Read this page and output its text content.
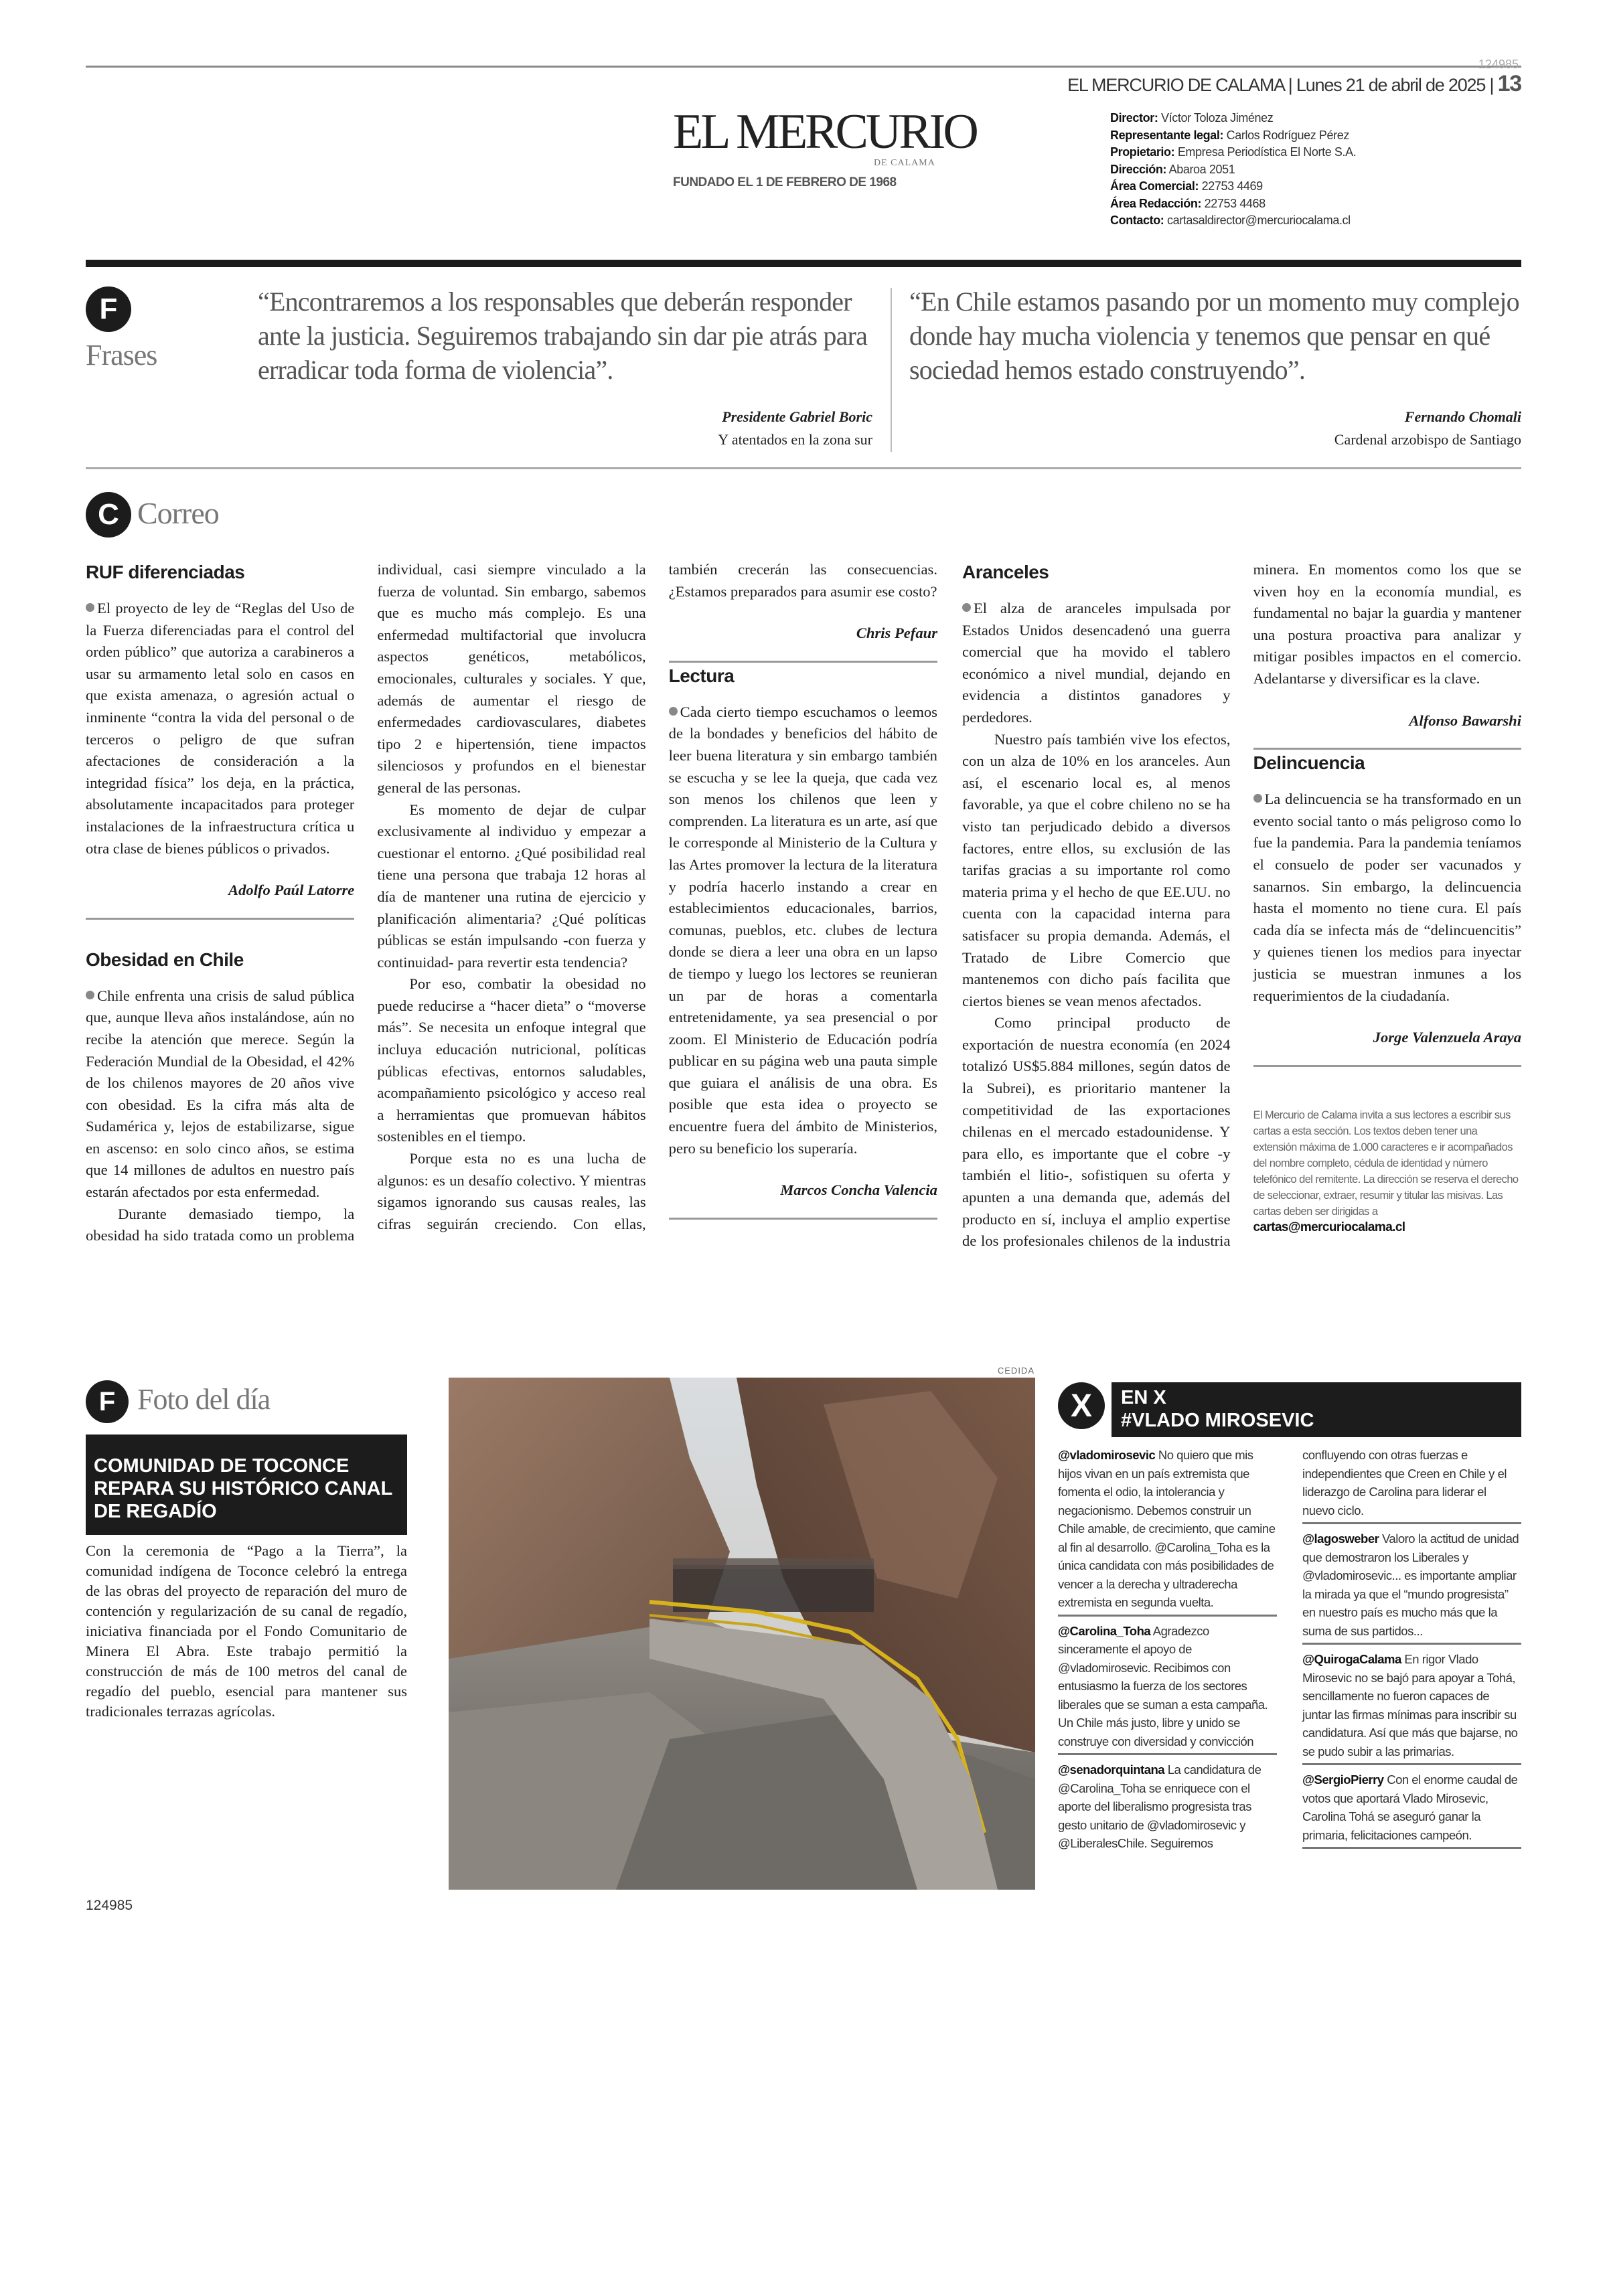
124985
EL MERCURIO DE CALAMA | Lunes 21 de abril de 2025 | 13
EL MERCURIO
DE CALAMA
FUNDADO EL 1 DE FEBRERO DE 1968
Director: Víctor Toloza Jiménez
Representante legal: Carlos Rodríguez Pérez
Propietario: Empresa Periodística El Norte S.A.
Dirección: Abaroa 2051
Área Comercial: 22753 4469
Área Redacción: 22753 4468
Contacto: cartasaldirector@mercuriocalama.cl
F
Frases
“Encontraremos a los responsables que deberán responder ante la justicia. Seguiremos trabajando sin dar pie atrás para erradicar toda forma de violencia”.
Presidente Gabriel Boric
Y atentados en la zona sur
“En Chile estamos pasando por un momento muy complejo donde hay mucha violencia y tenemos que pensar en qué sociedad hemos estado construyendo”.
Fernando Chomali
Cardenal arzobispo de Santiago
C Correo
RUF diferenciadas

El proyecto de ley de “Reglas del Uso de la Fuerza diferenciadas para el control del orden público” que autoriza a carabineros a usar su armamento letal solo en casos en que exista amenaza, o agresión actual o inminente “contra la vida del personal o de terceros o peligro de que sufran afectaciones de consideración a la integridad física” los deja, en la práctica, absolutamente incapacitados para proteger instalaciones de la infraestructura crítica u otra clase de bienes públicos o privados.

Adolfo Paúl Latorre
Obesidad en Chile

Chile enfrenta una crisis de salud pública que, aunque lleva años instalándose, aún no recibe la atención que merece. Según la Federación Mundial de la Obesidad, el 42% de los chilenos mayores de 20 años vive con obesidad. Es la cifra más alta de Sudamérica y, lejos de estabilizarse, sigue en ascenso: en solo cinco años, se estima que 14 millones de adultos en nuestro país estarán afectados por esta enfermedad.

Durante demasiado tiempo, la obesidad ha sido tratada como un problema individual, casi siempre vinculado a la fuerza de voluntad. Sin embargo, sabemos que es mucho más complejo. Es una enfermedad multifactorial que involucra aspectos genéticos, metabólicos, emocionales, culturales y sociales. Y que, además de aumentar el riesgo de enfermedades cardiovasculares, diabetes tipo 2 e hipertensión, tiene impactos silenciosos y profundos en el bienestar general de las personas.

Es momento de dejar de culpar exclusivamente al individuo y empezar a cuestionar el entorno. ¿Qué posibilidad real tiene una persona que trabaja 12 horas al día de mantener una rutina de ejercicio y planificación alimentaria? ¿Qué políticas públicas se están impulsando -con fuerza y continuidad- para revertir esta tendencia?

Por eso, combatir la obesidad no puede reducirse a “hacer dieta” o “moverse más”. Se necesita un enfoque integral que incluya educación nutricional, políticas públicas efectivas, entornos saludables, acompañamiento psicológico y acceso real a herramientas que promuevan hábitos sostenibles en el tiempo.

Porque esta no es una lucha de algunos: es un desafío colectivo. Y mientras sigamos ignorando sus causas reales, las cifras seguirán creciendo. Con ellas, también crecerán las consecuencias. ¿Estamos preparados para asumir ese costo?

Chris Pefaur
Lectura

Cada cierto tiempo escuchamos o leemos de la bondades y beneficios del hábito de leer buena literatura y sin embargo también se escucha y se lee la queja, que cada vez son menos los chilenos que leen y comprenden. La literatura es un arte, así que le corresponde al Ministerio de la Cultura y las Artes promover la lectura de la literatura y podría hacerlo instando a crear en establecimientos educacionales, barrios, comunas, pueblos, etc. clubes de lectura donde se diera a leer una obra en un lapso de tiempo y luego los lectores se reunieran un par de horas a comentarla entretenidamente, ya sea presencial o por zoom. El Ministerio de Educación podría publicar en su página web una pauta simple que guiara el análisis de una obra. Es posible que esta idea o proyecto se encuentre fuera del ámbito de Ministerios, pero su beneficio los superaría.

Marcos Concha Valencia
Aranceles

El alza de aranceles impulsada por Estados Unidos desencadenó una guerra comercial que ha movido el tablero económico a nivel mundial, dejando en evidencia a distintos ganadores y perdedores.

Nuestro país también vive los efectos, con un alza de 10% en los aranceles. Aun así, el escenario local es, al menos favorable, ya que el cobre chileno no se ha visto tan perjudicado debido a diversos factores, entre ellos, su exclusión de las tarifas gracias a su importante rol como materia prima y el hecho de que EE.UU. no cuenta con la capacidad interna para satisfacer su propia demanda. Además, el Tratado de Libre Comercio que mantenemos con dicho país facilita que ciertos bienes se vean menos afectados.

Como principal producto de exportación de nuestra economía (en 2024 totalizó US$5.884 millones, según datos de la Subrei), es prioritario mantener la competitividad de las exportaciones chilenas en el mercado estadounidense. Y para ello, es importante que el cobre -y también el litio-, sofistiquen su oferta y apunten a una demanda que, además del producto en sí, incluya el amplio expertise de los profesionales chilenos de la industria minera. En momentos como los que se viven hoy en la economía mundial, es fundamental no bajar la guardia y mantener una postura proactiva para analizar y mitigar posibles impactos en el comercio. Adelantarse y diversificar es la clave.

Alfonso Bawarshi
Delincuencia

La delincuencia se ha transformado en un evento social tanto o más peligroso como lo fue la pandemia. Para la pandemia teníamos el consuelo de poder ser vacunados y sanarnos. Sin embargo, la delincuencia hasta el momento no tiene cura. El país cada día se infecta más de “delincuencitis” y quienes tienen los medios para inyectar justicia se muestran inmunes a los requerimientos de la ciudadanía.

Jorge Valenzuela Araya
El Mercurio de Calama invita a sus lectores a escribir sus cartas a esta sección. Los textos deben tener una extensión máxima de 1.000 caracteres e ir acompañados del nombre completo, cédula de identidad y número telefónico del remitente. La dirección se reserva el derecho de seleccionar, extraer, resumir y titular las misivas. Las cartas deben ser dirigidas a
cartas@mercuriocalama.cl
F Foto del día
COMUNIDAD DE TOCONCE REPARA SU HISTÓRICO CANAL DE REGADÍO
Con la ceremonia de “Pago a la Tierra”, la comunidad indígena de Toconce celebró la entrega de las obras del proyecto de reparación del muro de contención y regularización de su canal de regadío, iniciativa financiada por el Fondo Comunitario de Minera El Abra. Este trabajo permitió la construcción de más de 100 metros del canal de regadío del pueblo, esencial para mantener sus tradicionales terrazas agrícolas.
CEDIDA
124985
X	EN X
#VLADO MIROSEVIC
@vladomirosevic No quiero que mis hijos vivan en un país extremista que fomenta el odio, la intolerancia y negacionismo. Debemos construir un Chile amable, de crecimiento, que camine al fin al desarrollo. @Carolina_Toha es la única candidata con más posibilidades de vencer a la derecha y ultraderecha extremista en segunda vuelta.
@Carolina_Toha Agradezco sinceramente el apoyo de @vladomirosevic. Recibimos con entusiasmo la fuerza de los sectores liberales que se suman a esta campaña. Un Chile más justo, libre y unido se construye con diversidad y convicción
@senadorquintana La candidatura de @Carolina_Toha se enriquece con el aporte del liberalismo progresista tras gesto unitario de @vladomirosevic y @LiberalesChile. Seguiremos confluyendo con otras fuerzas e independientes que Creen en Chile y el liderazgo de Carolina para liderar el nuevo ciclo.
@lagosweber Valoro la actitud de unidad que demostraron los Liberales y @vladomirosevic... es importante ampliar la mirada ya que el “mundo progresista” en nuestro país es mucho más que la suma de sus partidos...
@QuirogaCalama En rigor Vlado Mirosevic no se bajó para apoyar a Tohá, sencillamente no fueron capaces de juntar las firmas mínimas para inscribir su candidatura. Así que más que bajarse, no se pudo subir a las primarias.
@SergioPierry Con el enorme caudal de votos que aportará Vlado Mirosevic, Carolina Tohá se aseguró ganar la primaria, felicitaciones campeón.
